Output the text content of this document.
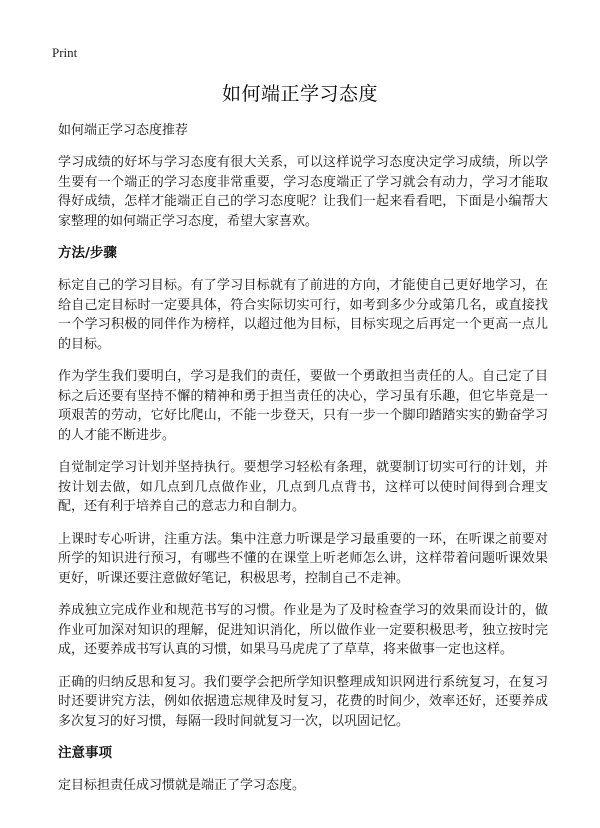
Print
如何端正学习态度

如何端正学习态度推荐

学习成绩的好坏与学习态度有很大关系，可以这样说学习态度决定学习成绩，所以学生要有一个端正的学习态度非常重要，学习态度端正了学习就会有动力，学习才能取得好成绩，怎样才能端正自己的学习态度呢？让我们一起来看看吧，下面是小编帮大家整理的如何端正学习态度，希望大家喜欢。

方法/步骤

标定自己的学习目标。有了学习目标就有了前进的方向，才能使自己更好地学习，在给自己定目标时一定要具体，符合实际切实可行，如考到多少分或第几名，或直接找一个学习积极的同伴作为榜样，以超过他为目标，目标实现之后再定一个更高一点儿的目标。

作为学生我们要明白，学习是我们的责任，要做一个勇敢担当责任的人。自己定了目标之后还要有坚持不懈的精神和勇于担当责任的决心，学习虽有乐趣，但它毕竟是一项艰苦的劳动，它好比爬山，不能一步登天，只有一步一个脚印踏踏实实的勤奋学习的人才能不断进步。

自觉制定学习计划并坚持执行。要想学习轻松有条理，就要制订切实可行的计划，并按计划去做，如几点到几点做作业，几点到几点背书，这样可以使时间得到合理支配，还有利于培养自己的意志力和自制力。

上课时专心听讲，注重方法。集中注意力听课是学习最重要的一环，在听课之前要对所学的知识进行预习，有哪些不懂的在课堂上听老师怎么讲，这样带着问题听课效果更好，听课还要注意做好笔记，积极思考，控制自己不走神。

养成独立完成作业和规范书写的习惯。作业是为了及时检查学习的效果而设计的，做作业可加深对知识的理解，促进知识消化，所以做作业一定要积极思考，独立按时完成，还要养成书写认真的习惯，如果马马虎虎了了草草，将来做事一定也这样。

正确的归纳反思和复习。我们要学会把所学知识整理成知识网进行系统复习，在复习时还要讲究方法，例如依据遗忘规律及时复习，花费的时间少，效率还好，还要养成多次复习的好习惯，每隔一段时间就复习一次，以巩固记忆。

注意事项

定目标担责任成习惯就是端正了学习态度。
